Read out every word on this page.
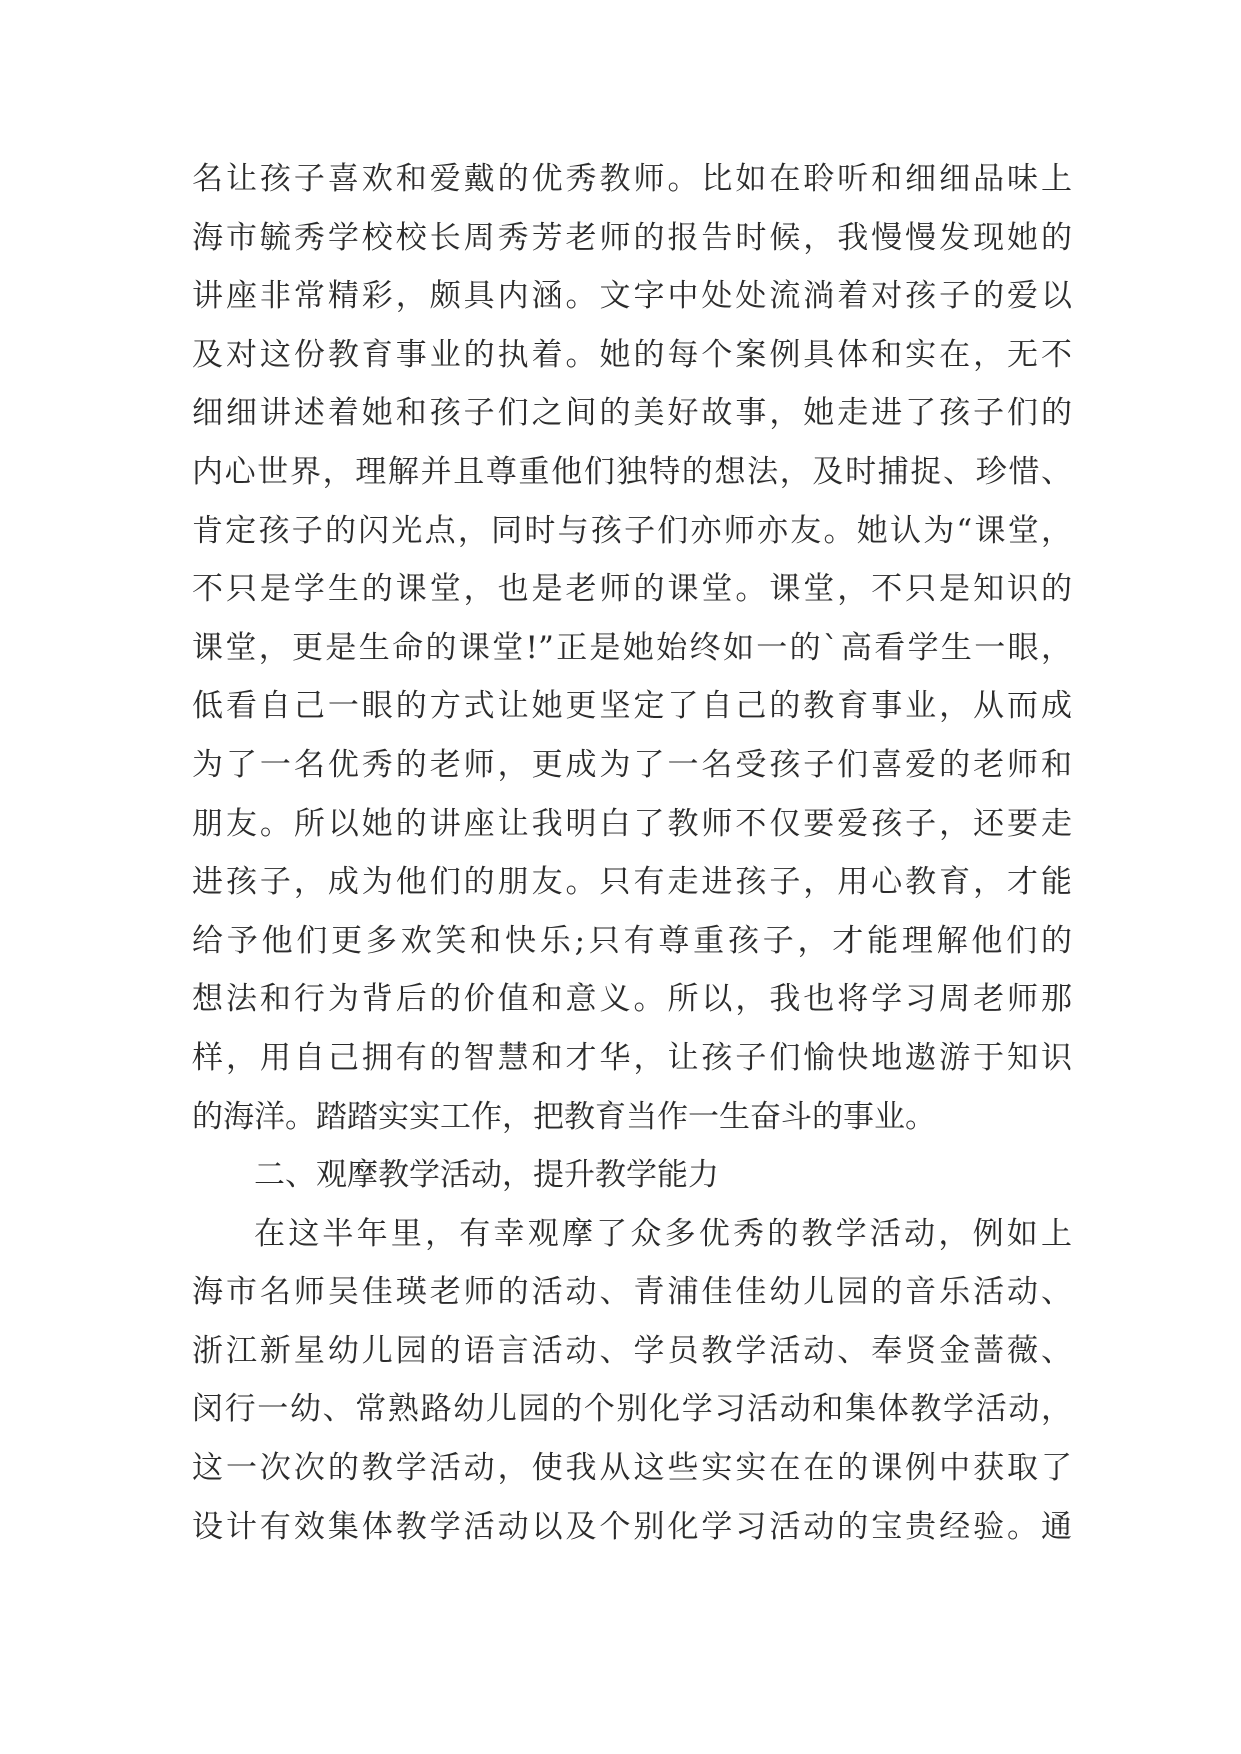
名让孩子喜欢和爱戴的优秀教师。比如在聆听和细细品味上
海市毓秀学校校长周秀芳老师的报告时候，我慢慢发现她的
讲座非常精彩，颇具内涵。文字中处处流淌着对孩子的爱以
及对这份教育事业的执着。她的每个案例具体和实在，无不
细细讲述着她和孩子们之间的美好故事，她走进了孩子们的
内心世界，理解并且尊重他们独特的想法，及时捕捉、珍惜、
肯定孩子的闪光点，同时与孩子们亦师亦友。她认为“课堂，
不只是学生的课堂，也是老师的课堂。课堂，不只是知识的
课堂，更是生命的课堂!”正是她始终如一的`高看学生一眼，
低看自己一眼的方式让她更坚定了自己的教育事业，从而成
为了一名优秀的老师，更成为了一名受孩子们喜爱的老师和
朋友。所以她的讲座让我明白了教师不仅要爱孩子，还要走
进孩子，成为他们的朋友。只有走进孩子，用心教育，才能
给予他们更多欢笑和快乐;只有尊重孩子，才能理解他们的
想法和行为背后的价值和意义。所以，我也将学习周老师那
样，用自己拥有的智慧和才华，让孩子们愉快地遨游于知识
的海洋。踏踏实实工作，把教育当作一生奋斗的事业。
二、观摩教学活动，提升教学能力
在这半年里，有幸观摩了众多优秀的教学活动，例如上
海市名师吴佳瑛老师的活动、青浦佳佳幼儿园的音乐活动、
浙江新星幼儿园的语言活动、学员教学活动、奉贤金蔷薇、
闵行一幼、常熟路幼儿园的个别化学习活动和集体教学活动，
这一次次的教学活动，使我从这些实实在在的课例中获取了
设计有效集体教学活动以及个别化学习活动的宝贵经验。通
